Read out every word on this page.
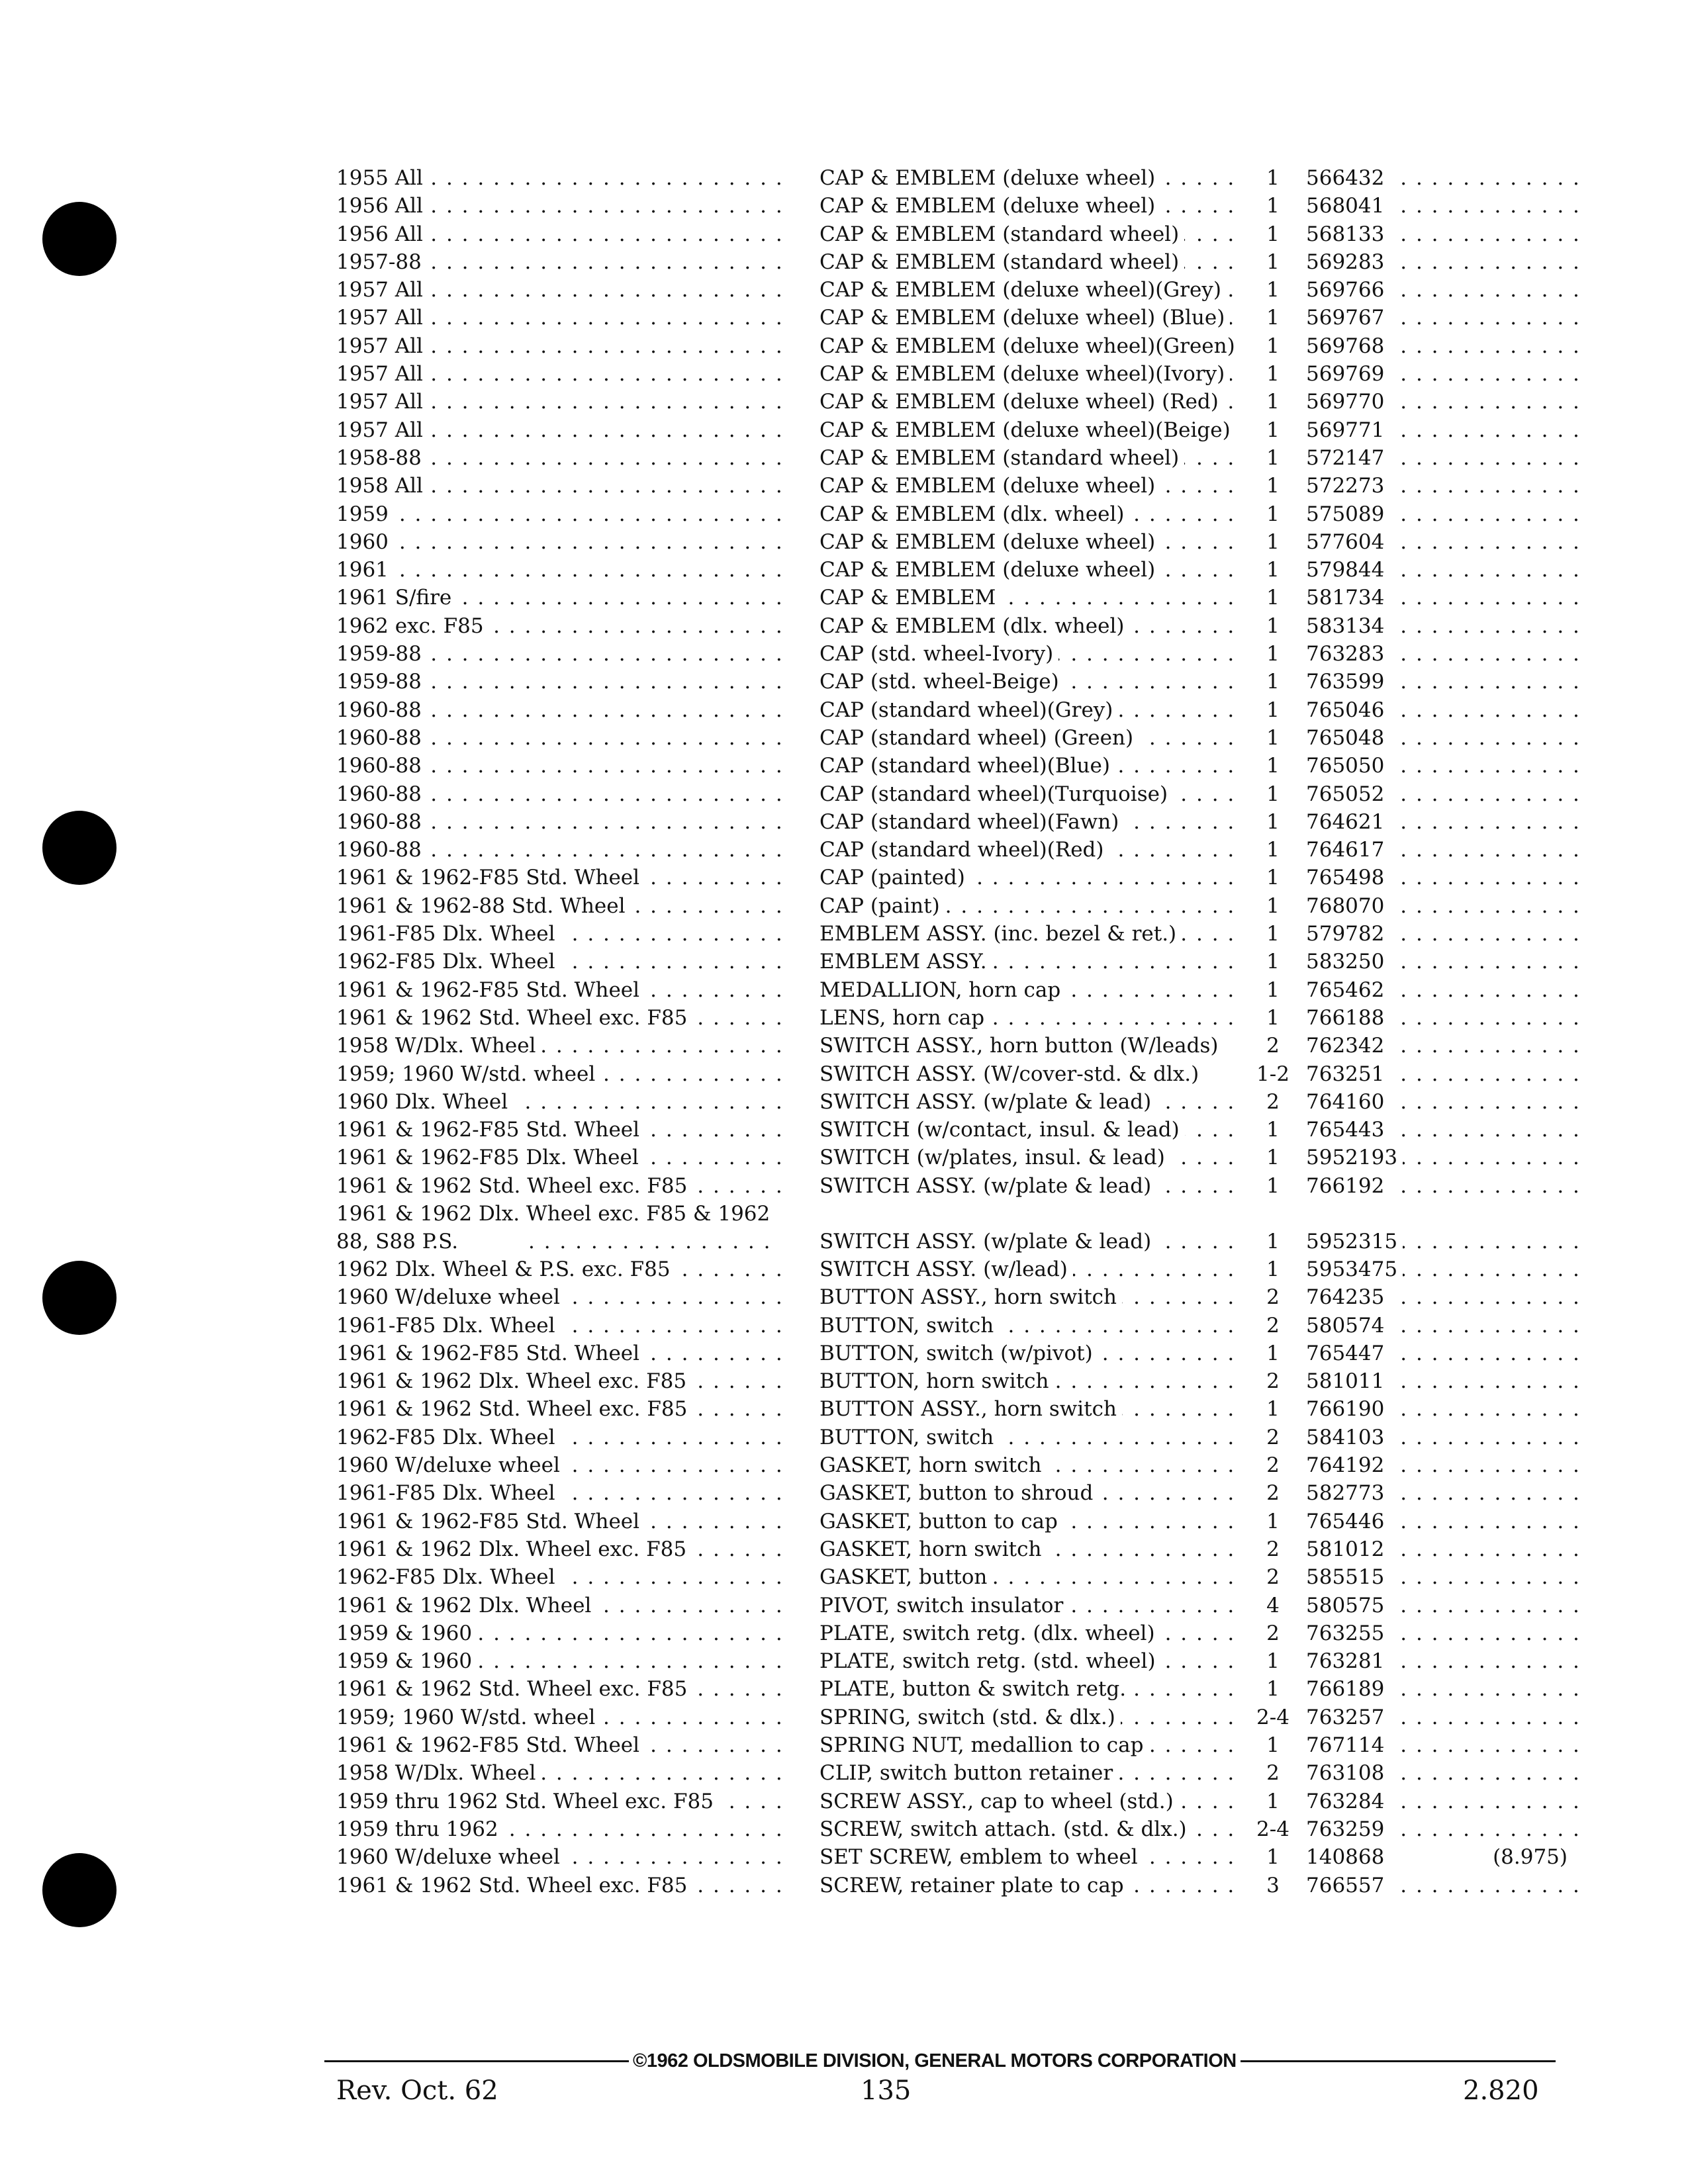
1955 All . . .	CAP & EMBLEM (deluxe wheel) . . .	1	566432 . . .
1956 All . . .	CAP & EMBLEM (deluxe wheel) . . .	1	568041 . . .
1956 All . . .	CAP & EMBLEM (standard wheel) . . .	1	568133 . . .
1957-88 . . .	CAP & EMBLEM (standard wheel) . . .	1	569283 . . .
1957 All . . .	CAP & EMBLEM (deluxe wheel)(Grey) . . .	1	569766 . . .
1957 All . . .	CAP & EMBLEM (deluxe wheel) (Blue) . . .	1	569767 . . .
1957 All . . .	CAP & EMBLEM (deluxe wheel)(Green) . . .	1	569768 . . .
1957 All . . .	CAP & EMBLEM (deluxe wheel)(Ivory) . . .	1	569769 . . .
1957 All . . .	CAP & EMBLEM (deluxe wheel) (Red) . . .	1	569770 . . .
1957 All . . .	CAP & EMBLEM (deluxe wheel)(Beige) . . .	1	569771 . . .
1958-88 . . .	CAP & EMBLEM (standard wheel) . . .	1	572147 . . .
1958 All . . .	CAP & EMBLEM (deluxe wheel) . . .	1	572273 . . .
1959 . . .	CAP & EMBLEM (dlx. wheel) . . .	1	575089 . . .
1960 . . .	CAP & EMBLEM (deluxe wheel) . . .	1	577604 . . .
1961 . . .	CAP & EMBLEM (deluxe wheel) . . .	1	579844 . . .
1961 S/fire . . .	CAP & EMBLEM . . .	1	581734 . . .
1962 exc. F85 . . .	CAP & EMBLEM (dlx. wheel) . . .	1	583134 . . .
1959-88 . . .	CAP (std. wheel-Ivory) . . .	1	763283 . . .
1959-88 . . .	CAP (std. wheel-Beige) . . .	1	763599 . . .
1960-88 . . .	CAP (standard wheel)(Grey) . . .	1	765046 . . .
1960-88 . . .	CAP (standard wheel) (Green) . . .	1	765048 . . .
1960-88 . . .	CAP (standard wheel)(Blue) . . .	1	765050 . . .
1960-88 . . .	CAP (standard wheel)(Turquoise) . . .	1	765052 . . .
1960-88 . . .	CAP (standard wheel)(Fawn) . . .	1	764621 . . .
1960-88 . . .	CAP (standard wheel)(Red) . . .	1	764617 . . .
1961 & 1962-F85 Std. Wheel . . .	CAP (painted) . . .	1	765498 . . .
1961 & 1962-88 Std. Wheel . . .	CAP (paint) . . .	1	768070 . . .
1961-F85 Dlx. Wheel . . .	EMBLEM ASSY. (inc. bezel & ret.) . . .	1	579782 . . .
1962-F85 Dlx. Wheel . . .	EMBLEM ASSY. . . .	1	583250 . . .
1961 & 1962-F85 Std. Wheel . . .	MEDALLION, horn cap . . .	1	765462 . . .
1961 & 1962 Std. Wheel exc. F85 . . .	LENS, horn cap . . .	1	766188 . . .
1958 W/Dlx. Wheel . . .	SWITCH ASSY., horn button (W/leads)	2	762342 . . .
1959; 1960 W/std. wheel . . .	SWITCH ASSY. (W/cover-std. & dlx.)	1-2 763251 . . .
1960 Dlx. Wheel . . .	SWITCH ASSY. (w/plate & lead) . . .	2	764160 . . .
1961 & 1962-F85 Std. Wheel . . .	SWITCH (w/contact, insul. & lead) . . .	1	765443 . . .
1961 & 1962-F85 Dlx. Wheel . . .	SWITCH (w/plates, insul. & lead) . . .	1	5952193 . . .
1961 & 1962 Std. Wheel exc. F85 . . .	SWITCH ASSY. (w/plate & lead) . . .	1	766192 . . .
1961 & 1962 Dlx. Wheel exc. F85 & 1962 88, S88 P.S. . . .	SWITCH ASSY. (w/plate & lead) . . .	1	5952315 . . .
1962 Dlx. Wheel & P.S. exc. F85 . . .	SWITCH ASSY. (w/lead) . . .	1	5953475 . . .
1960 W/deluxe wheel . . .	BUTTON ASSY., horn switch . . .	2	764235 . . .
1961-F85 Dlx. Wheel . . .	BUTTON, switch . . .	2	580574 . . .
1961 & 1962-F85 Std. Wheel . . .	BUTTON, switch (w/pivot) . . .	1	765447 . . .
1961 & 1962 Dlx. Wheel exc. F85 . . .	BUTTON, horn switch . . .	2	581011 . . .
1961 & 1962 Std. Wheel exc. F85 . . .	BUTTON ASSY., horn switch . . .	1	766190 . . .
1962-F85 Dlx. Wheel . . .	BUTTON, switch . . .	2	584103 . . .
1960 W/deluxe wheel . . .	GASKET, horn switch . . .	2	764192 . . .
1961-F85 Dlx. Wheel . . .	GASKET, button to shroud . . .	2	582773 . . .
1961 & 1962-F85 Std. Wheel . . .	GASKET, button to cap . . .	1	765446 . . .
1961 & 1962 Dlx. Wheel exc. F85 . . .	GASKET, horn switch . . .	2	581012 . . .
1962-F85 Dlx. Wheel . . .	GASKET, button . . .	2	585515 . . .
1961 & 1962 Dlx. Wheel . . .	PIVOT, switch insulator . . .	4	580575 . . .
1959 & 1960 . . .	PLATE, switch retg. (dlx. wheel) . . .	2	763255 . . .
1959 & 1960 . . .	PLATE, switch retg. (std. wheel) . . .	1	763281 . . .
1961 & 1962 Std. Wheel exc. F85 . . .	PLATE, button & switch retg. . . .	1	766189 . . .
1959; 1960 W/std. wheel . . .	SPRING, switch (std. & dlx.) . . .	2-4 763257 . . .
1961 & 1962-F85 Std. Wheel . . .	SPRING NUT, medallion to cap . . .	1	767114 . . .
1958 W/Dlx. Wheel . . .	CLIP, switch button retainer . . .	2	763108 . . .
1959 thru 1962 Std. Wheel exc. F85 . . .	SCREW ASSY., cap to wheel (std.) . . .	1	763284 . . .
1959 thru 1962 . . .	SCREW, switch attach. (std. & dlx.) . . .	2-4 763259 . . .
1960 W/deluxe wheel . . .	SET SCREW, emblem to wheel . . .	1	140868	(8.975)
1961 & 1962 Std. Wheel exc. F85 . . .	SCREW, retainer plate to cap . . .	3	766557 . . .
©1962 OLDSMOBILE DIVISION, GENERAL MOTORS CORPORATION
Rev. Oct. 62	135	2.820
